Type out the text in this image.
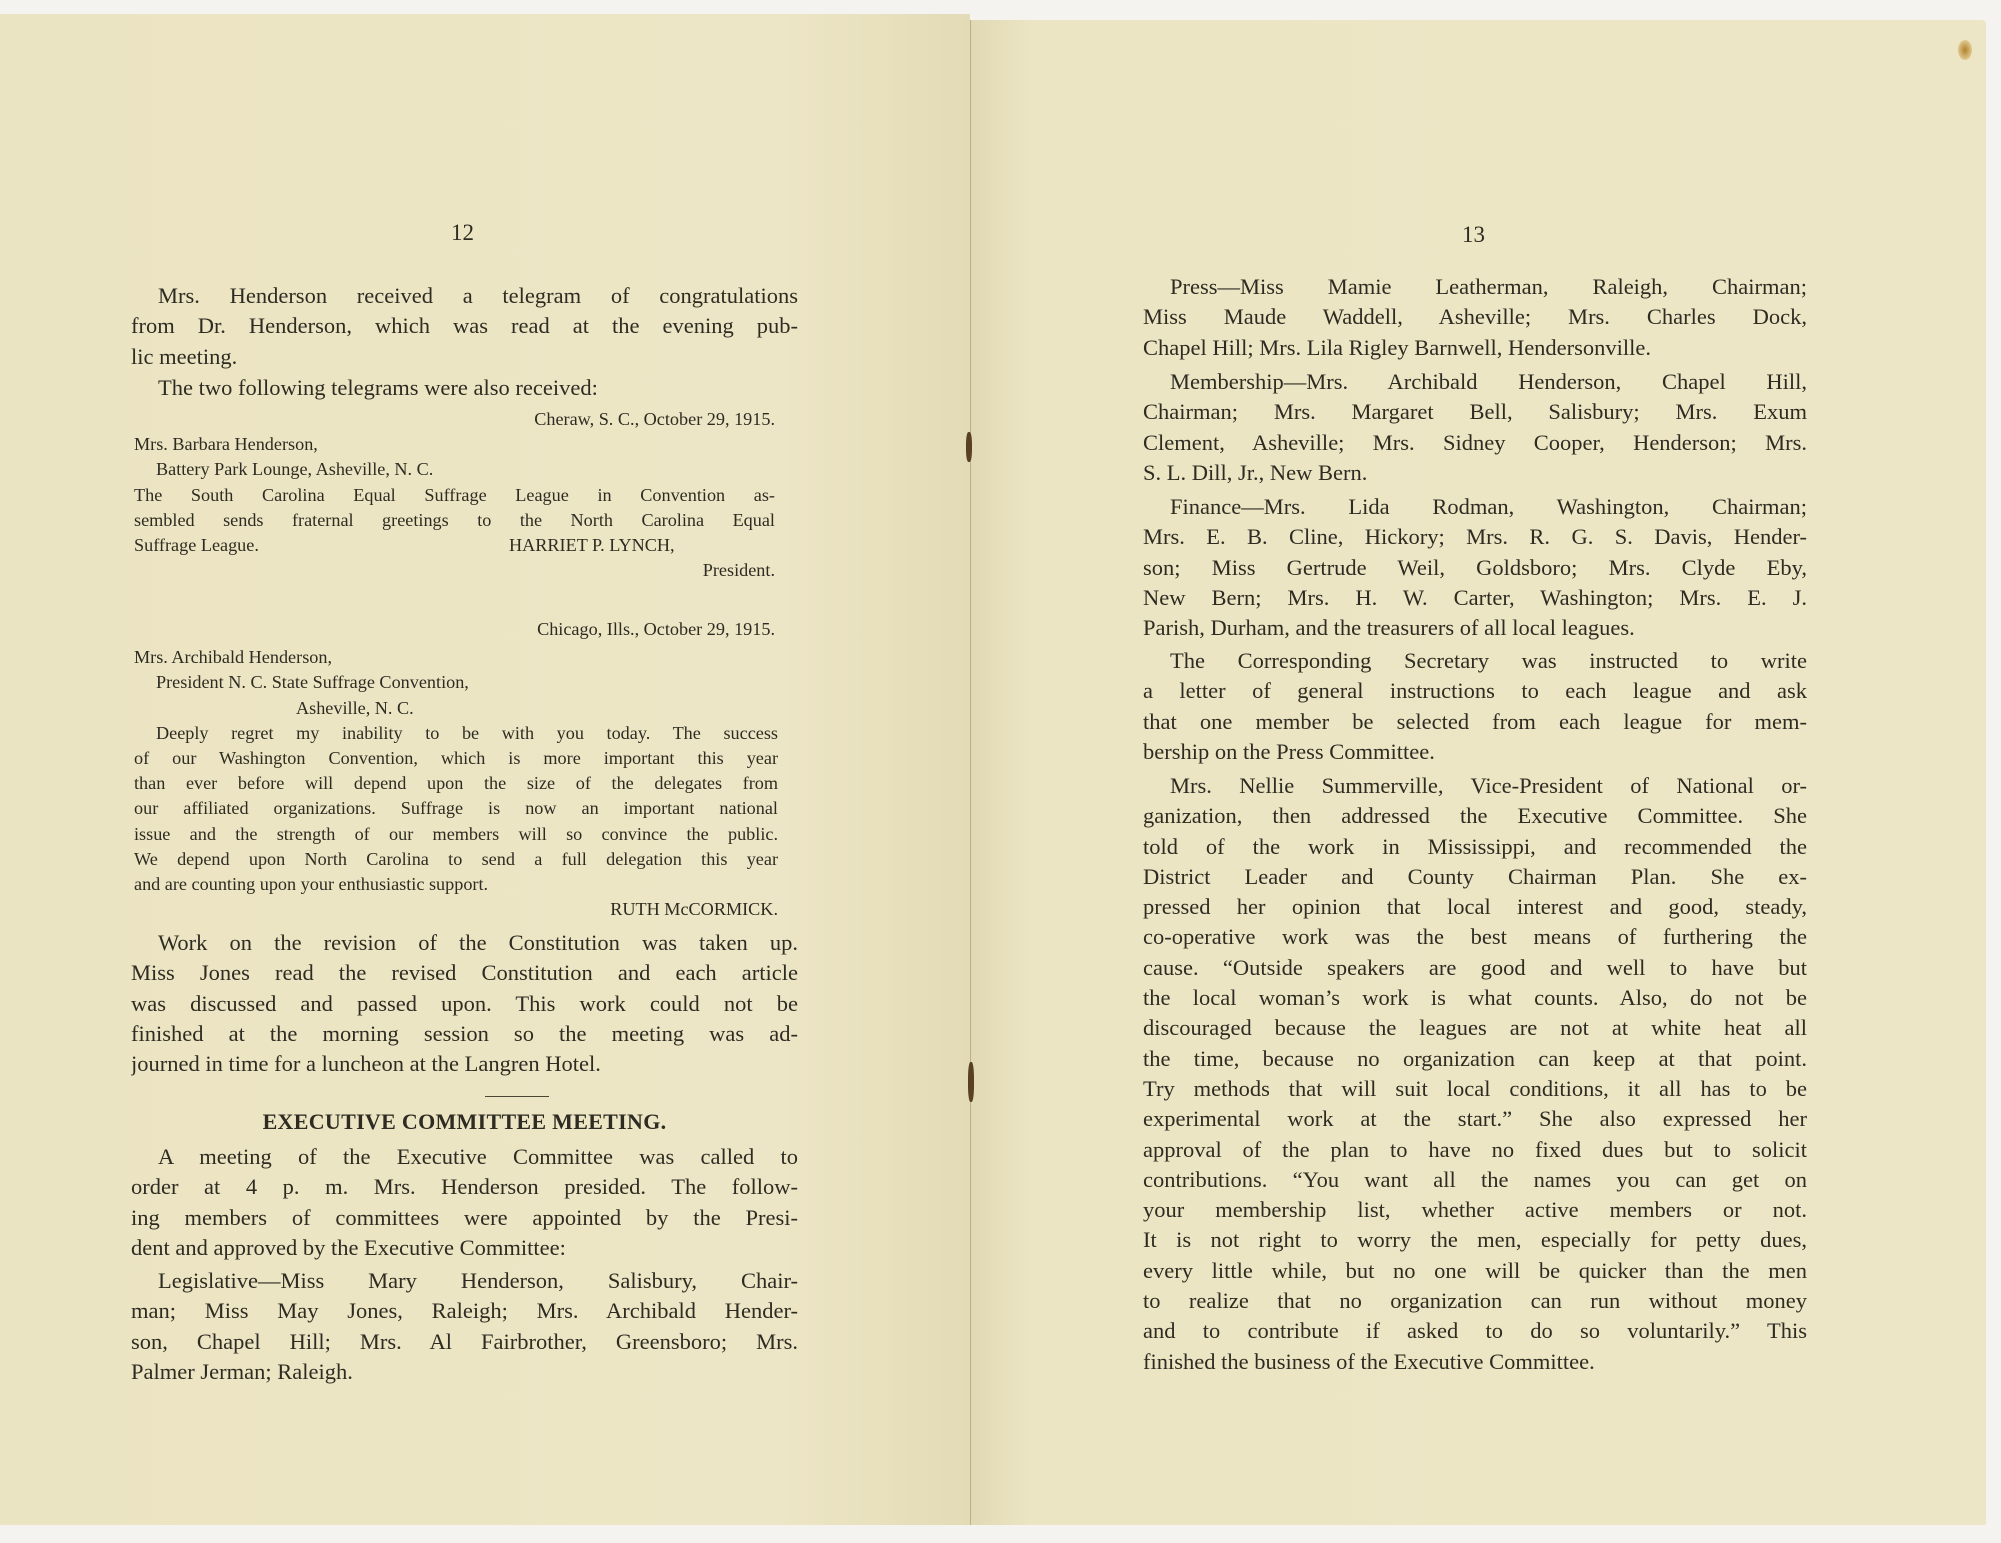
12
Mrs. Henderson received a telegram of congratulations
from Dr. Henderson, which was read at the evening pub-
lic meeting.
The two following telegrams were also received:
Cheraw, S. C., October 29, 1915.
Mrs. Barbara Henderson,
Battery Park Lounge, Asheville, N. C.
The South Carolina Equal Suffrage League in Convention as-
sembled sends fraternal greetings to the North Carolina Equal
Suffrage League.	HARRIET P. LYNCH,
President.
Chicago, Ills., October 29, 1915.
Mrs. Archibald Henderson,
President N. C. State Suffrage Convention,
Asheville, N. C.
Deeply regret my inability to be with you today. The success
of our Washington Convention, which is more important this year
than ever before will depend upon the size of the delegates from
our affiliated organizations. Suffrage is now an important national
issue and the strength of our members will so convince the public.
We depend upon North Carolina to send a full delegation this year
and are counting upon your enthusiastic support.
RUTH McCORMICK.
Work on the revision of the Constitution was taken up.
Miss Jones read the revised Constitution and each article
was discussed and passed upon. This work could not be
finished at the morning session so the meeting was ad-
journed in time for a luncheon at the Langren Hotel.
EXECUTIVE COMMITTEE MEETING.
A meeting of the Executive Committee was called to
order at 4 p. m. Mrs. Henderson presided. The follow-
ing members of committees were appointed by the Presi-
dent and approved by the Executive Committee:
Legislative—Miss Mary Henderson, Salisbury, Chair-
man; Miss May Jones, Raleigh; Mrs. Archibald Hender-
son, Chapel Hill; Mrs. Al Fairbrother, Greensboro; Mrs.
Palmer Jerman; Raleigh.
13
Press—Miss Mamie Leatherman, Raleigh, Chairman;
Miss Maude Waddell, Asheville; Mrs. Charles Dock,
Chapel Hill; Mrs. Lila Rigley Barnwell, Hendersonville.
Membership—Mrs. Archibald Henderson, Chapel Hill,
Chairman; Mrs. Margaret Bell, Salisbury; Mrs. Exum
Clement, Asheville; Mrs. Sidney Cooper, Henderson; Mrs.
S. L. Dill, Jr., New Bern.
Finance—Mrs. Lida Rodman, Washington, Chairman;
Mrs. E. B. Cline, Hickory; Mrs. R. G. S. Davis, Hender-
son; Miss Gertrude Weil, Goldsboro; Mrs. Clyde Eby,
New Bern; Mrs. H. W. Carter, Washington; Mrs. E. J.
Parish, Durham, and the treasurers of all local leagues.
The Corresponding Secretary was instructed to write
a letter of general instructions to each league and ask
that one member be selected from each league for mem-
bership on the Press Committee.
Mrs. Nellie Summerville, Vice-President of National or-
ganization, then addressed the Executive Committee. She
told of the work in Mississippi, and recommended the
District Leader and County Chairman Plan. She ex-
pressed her opinion that local interest and good, steady,
co-operative work was the best means of furthering the
cause. “Outside speakers are good and well to have but
the local woman’s work is what counts. Also, do not be
discouraged because the leagues are not at white heat all
the time, because no organization can keep at that point.
Try methods that will suit local conditions, it all has to be
experimental work at the start.” She also expressed her
approval of the plan to have no fixed dues but to solicit
contributions. “You want all the names you can get on
your membership list, whether active members or not.
It is not right to worry the men, especially for petty dues,
every little while, but no one will be quicker than the men
to realize that no organization can run without money
and to contribute if asked to do so voluntarily.” This
finished the business of the Executive Committee.
